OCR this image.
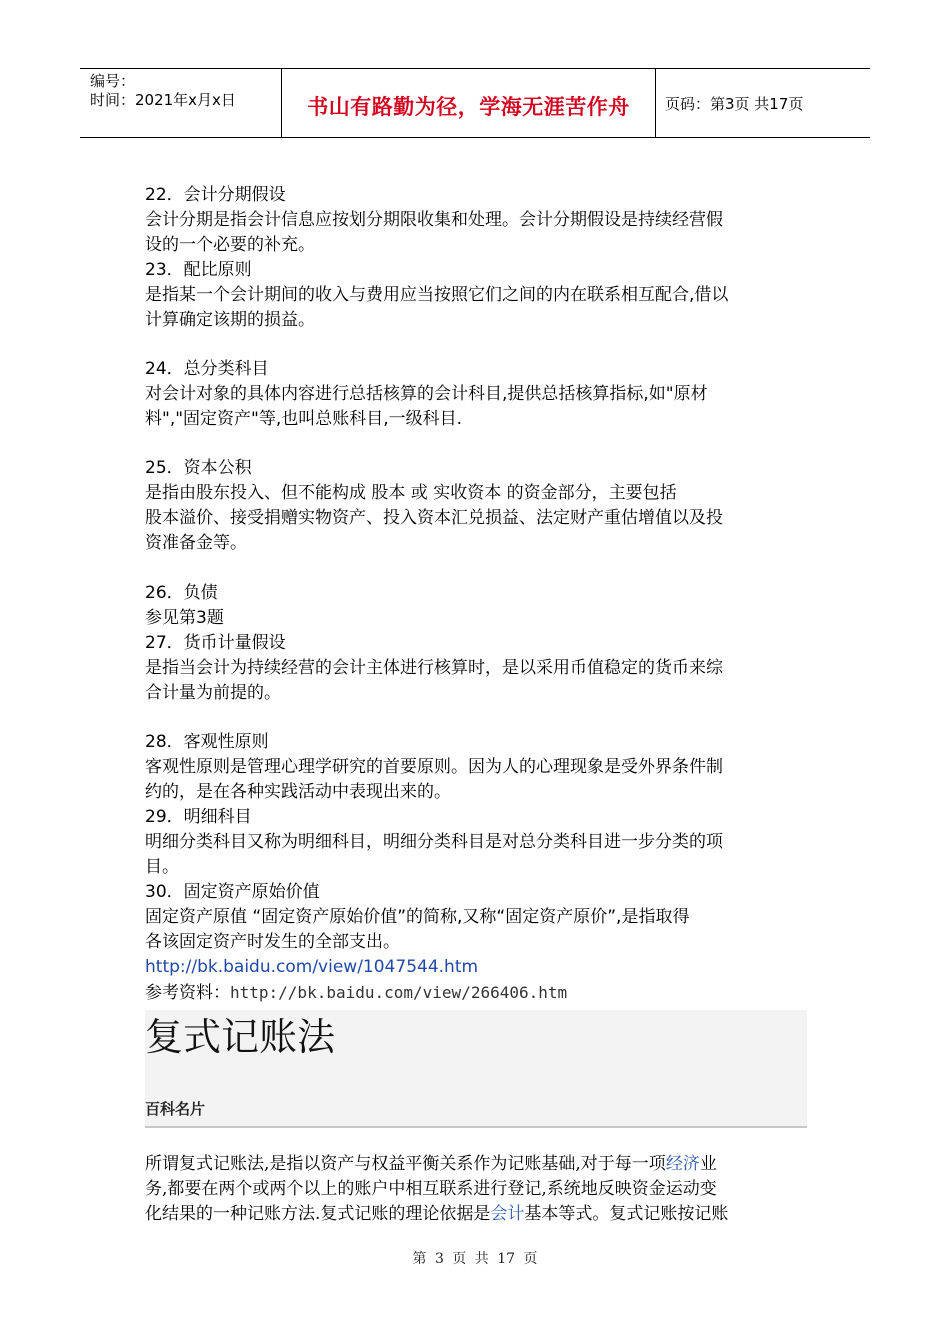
编号：
时间：2021年x月x日	书山有路勤为径，学海无涯苦作舟	页码：第3页 共17页
22．会计分期假设
会计分期是指会计信息应按划分期限收集和处理。会计分期假设是持续经营假
设的一个必要的补充。
23．配比原则
是指某一个会计期间的收入与费用应当按照它们之间的内在联系相互配合,借以
计算确定该期的损益。
24．总分类科目
对会计对象的具体内容进行总括核算的会计科目,提供总括核算指标,如"原材
料","固定资产"等,也叫总账科目,一级科目.
25．资本公积
是指由股东投入、但不能构成 股本 或 实收资本 的资金部分，主要包括
股本溢价、接受捐赠实物资产、投入资本汇兑损益、法定财产重估增值以及投
资准备金等。
26．负债
参见第3题
27．货币计量假设
是指当会计为持续经营的会计主体进行核算时，是以采用币值稳定的货币来综
合计量为前提的。
28．客观性原则
客观性原则是管理心理学研究的首要原则。因为人的心理现象是受外界条件制
约的，是在各种实践活动中表现出来的。
29．明细科目
明细分类科目又称为明细科目，明细分类科目是对总分类科目进一步分类的项
目。
30．固定资产原始价值
固定资产原值 “固定资产原始价值”的简称,又称“固定资产原价”,是指取得
各该固定资产时发生的全部支出。
http://bk.baidu.com/view/1047544.htm
参考资料：http://bk.baidu.com/view/266406.htm
复式记账法
百科名片
所谓复式记账法,是指以资产与权益平衡关系作为记账基础,对于每一项经济业
务,都要在两个或两个以上的账户中相互联系进行登记,系统地反映资金运动变
化结果的一种记账方法.复式记账的理论依据是会计基本等式。复式记账按记账
第 3 页 共 17 页
